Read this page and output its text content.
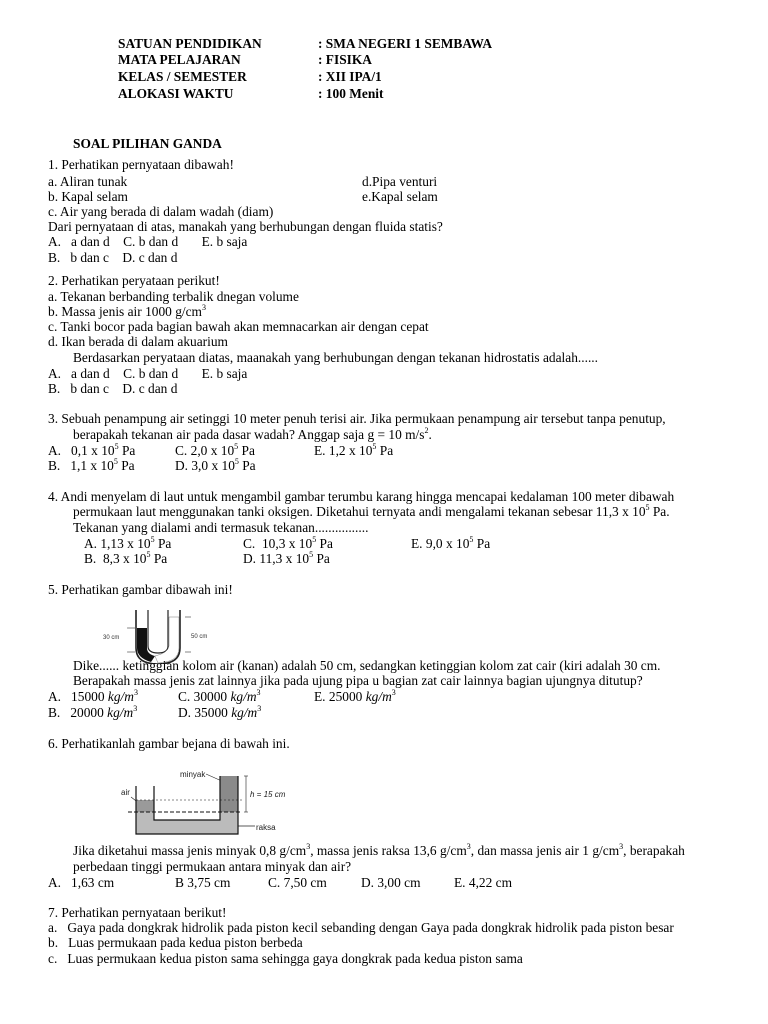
SATUAN PENDIDIKAN	: SMA NEGERI 1 SEMBAWA
MATA PELAJARAN	: FISIKA
KELAS / SEMESTER	: XII IPA/1
ALOKASI WAKTU	: 100 Menit
SOAL PILIHAN GANDA
1. Perhatikan pernyataan dibawah!
a. Aliran tunak	d.Pipa venturi
b. Kapal selam	e.Kapal selam
c. Air yang berada di dalam wadah (diam)
Dari pernyataan di atas, manakah yang berhubungan dengan fluida statis?
A.   a dan d    C. b dan d       E. b saja
B.   b dan c    D. c dan d
2. Perhatikan peryataan perikut!
a. Tekanan berbanding terbalik dnegan volume
b. Massa jenis air 1000 $g/cm^3$
c. Tanki bocor pada bagian bawah akan memnacarkan air dengan cepat
d. Ikan berada di dalam akuarium
Berdasarkan peryataan diatas, maanakah yang berhubungan dengan tekanan hidrostatis adalah......
A.   a dan d    C. b dan d       E. b saja
B.   b dan c    D. c dan d
3. Sebuah penampung air setinggi 10 meter penuh terisi air. Jika permukaan penampung air tersebut tanpa penutup,
berapakah tekanan air pada dasar wadah? Anggap saja g = 10 $m/s^2$.
A.   0,1 x $10^5$ Pa	C. 2,0 x $10^5$ Pa	E. 1,2 x $10^5$ Pa
B.   1,1 x $10^5$ Pa	D. 3,0 x $10^5$ Pa
4. Andi menyelam di laut untuk mengambil gambar terumbu karang hingga mencapai kedalaman 100 meter dibawah
permukaan laut menggunakan tanki oksigen. Diketahui ternyata andi mengalami tekanan sebesar 11,3 x $10^5$ Pa.
Tekanan yang dialami andi termasuk tekanan................
A. 1,13 x $10^5$ Pa	C.  10,3 x $10^5$ Pa	E. 9,0 x $10^5$ Pa
B.  8,3 x $10^5$ Pa	D. 11,3 x $10^5$ Pa
5. Perhatikan gambar dibawah ini!
30 cm	50 cm
Dike...... ketinggian kolom air (kanan) adalah 50 cm, sedangkan ketinggian kolom zat cair (kiri adalah 30 cm.
Berapakah massa jenis zat lainnya jika pada ujung pipa u bagian zat cair lainnya bagian ujungnya ditutup?
A.   15000 $kg/m^3$	C. 30000 $kg/m^3$	E. 25000 $kg/m^3$
B.   20000 $kg/m^3$	D. 35000 $kg/m^3$
6. Perhatikanlah gambar bejana di bawah ini.
minyak
air	h = 15 cm
raksa
Jika diketahui massa jenis minyak 0,8 $g/cm^3$, massa jenis raksa 13,6 $g/cm^3$, dan massa jenis air 1 $g/cm^3$, berapakah
perbedaan tinggi permukaan antara minyak dan air?
A.   1,63 cm	B 3,75 cm	C. 7,50 cm	D. 3,00 cm E. 4,22 cm
7. Perhatikan pernyataan berikut!
a.   Gaya pada dongkrak hidrolik pada piston kecil sebanding dengan Gaya pada dongkrak hidrolik pada piston besar
b.   Luas permukaan pada kedua piston berbeda
c.   Luas permukaan kedua piston sama sehingga gaya dongkrak pada kedua piston sama
